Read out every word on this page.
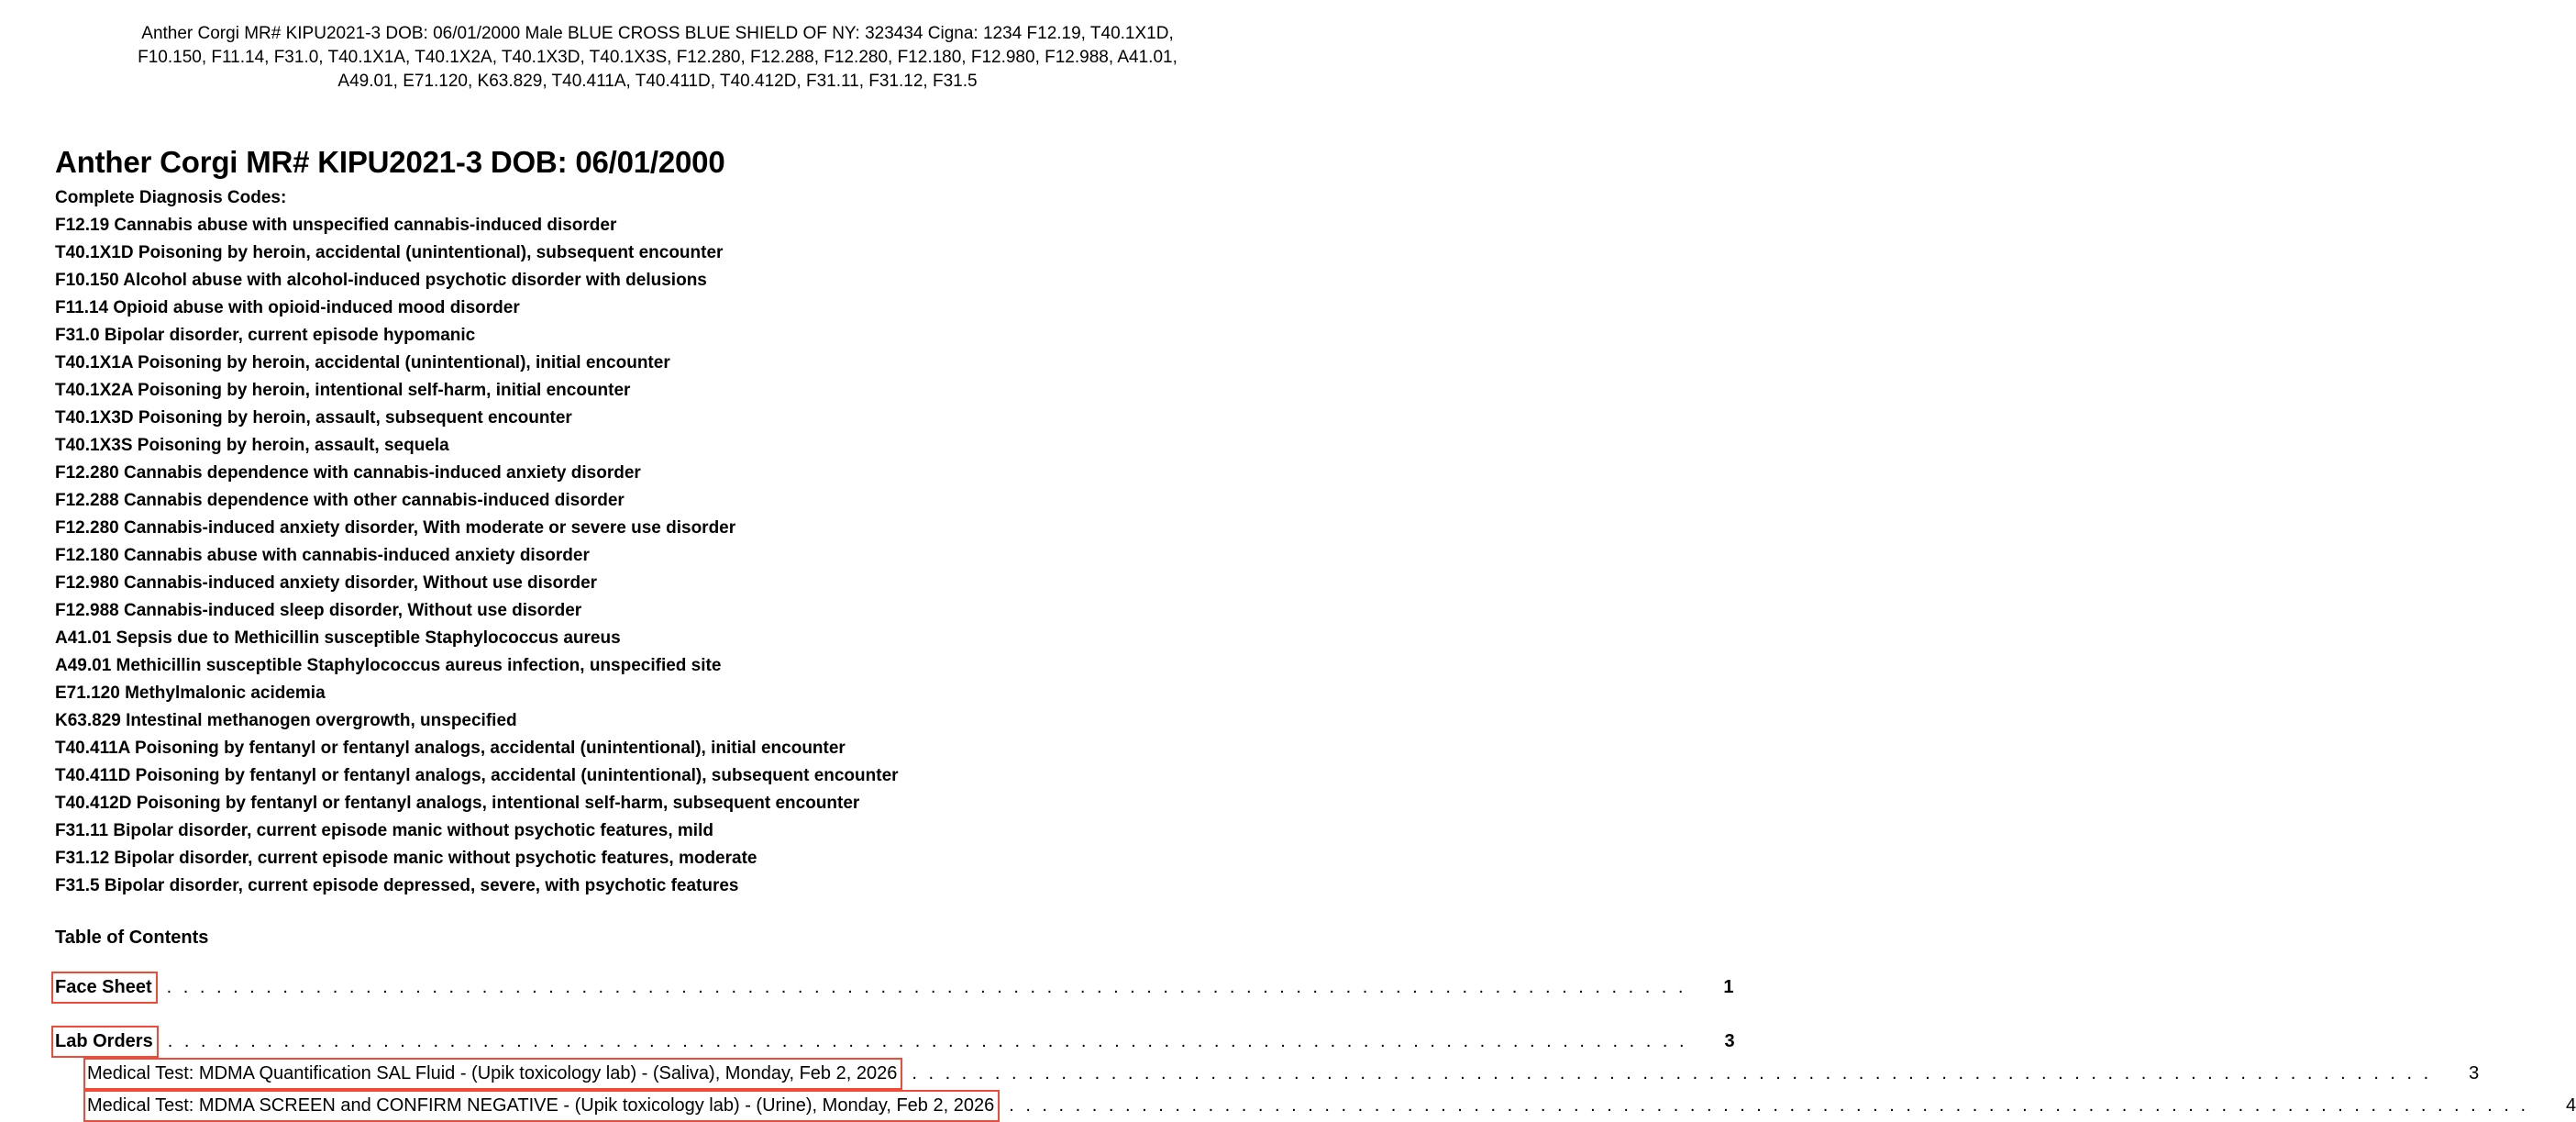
Anther Corgi MR# KIPU2021-3 DOB: 06/01/2000 Male BLUE CROSS BLUE SHIELD OF NY: 323434 Cigna: 1234 F12.19, T40.1X1D,
F10.150, F11.14, F31.0, T40.1X1A, T40.1X2A, T40.1X3D, T40.1X3S, F12.280, F12.288, F12.280, F12.180, F12.980, F12.988, A41.01,
A49.01, E71.120, K63.829, T40.411A, T40.411D, T40.412D, F31.11, F31.12, F31.5
Anther Corgi MR# KIPU2021-3 DOB: 06/01/2000
Complete Diagnosis Codes:
F12.19 Cannabis abuse with unspecified cannabis-induced disorder
T40.1X1D Poisoning by heroin, accidental (unintentional), subsequent encounter
F10.150 Alcohol abuse with alcohol-induced psychotic disorder with delusions
F11.14 Opioid abuse with opioid-induced mood disorder
F31.0 Bipolar disorder, current episode hypomanic
T40.1X1A Poisoning by heroin, accidental (unintentional), initial encounter
T40.1X2A Poisoning by heroin, intentional self-harm, initial encounter
T40.1X3D Poisoning by heroin, assault, subsequent encounter
T40.1X3S Poisoning by heroin, assault, sequela
F12.280 Cannabis dependence with cannabis-induced anxiety disorder
F12.288 Cannabis dependence with other cannabis-induced disorder
F12.280 Cannabis-induced anxiety disorder, With moderate or severe use disorder
F12.180 Cannabis abuse with cannabis-induced anxiety disorder
F12.980 Cannabis-induced anxiety disorder, Without use disorder
F12.988 Cannabis-induced sleep disorder, Without use disorder
A41.01 Sepsis due to Methicillin susceptible Staphylococcus aureus
A49.01 Methicillin susceptible Staphylococcus aureus infection, unspecified site
E71.120 Methylmalonic acidemia
K63.829 Intestinal methanogen overgrowth, unspecified
T40.411A Poisoning by fentanyl or fentanyl analogs, accidental (unintentional), initial encounter
T40.411D Poisoning by fentanyl or fentanyl analogs, accidental (unintentional), subsequent encounter
T40.412D Poisoning by fentanyl or fentanyl analogs, intentional self-harm, subsequent encounter
F31.11 Bipolar disorder, current episode manic without psychotic features, mild
F31.12 Bipolar disorder, current episode manic without psychotic features, moderate
F31.5 Bipolar disorder, current episode depressed, severe, with psychotic features
Table of Contents
Face Sheet . . .	1
Lab Orders . . .	3
Medical Test: MDMA Quantification SAL Fluid - (Upik toxicology lab) - (Saliva), Monday, Feb 2, 2026 . . .	3
Medical Test: MDMA SCREEN and CONFIRM NEGATIVE - (Upik toxicology lab) - (Urine), Monday, Feb 2, 2026 . . .	4
